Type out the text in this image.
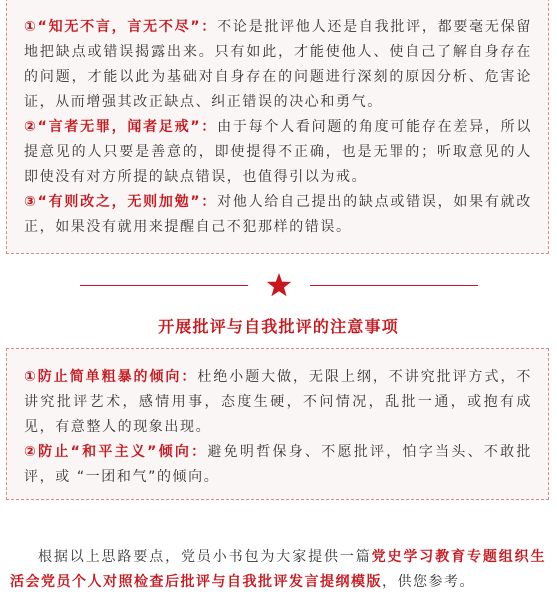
①“知无不言，言无不尽”：不论是批评他人还是自我批评，都要毫无保留地把缺点或错误揭露出来。只有如此，才能使他人、使自己了解自身存在的问题，才能以此为基础对自身存在的问题进行深刻的原因分析、危害论证，从而增强其改正缺点、纠正错误的决心和勇气。

②“言者无罪，闻者足戒”：由于每个人看问题的角度可能存在差异，所以提意见的人只要是善意的，即使提得不正确，也是无罪的；听取意见的人即使没有对方所提的缺点错误，也值得引以为戒。

③“有则改之，无则加勉”：对他人给自己提出的缺点或错误，如果有就改正，如果没有就用来提醒自己不犯那样的错误。

开展批评与自我批评的注意事项

①防止简单粗暴的倾向：杜绝小题大做，无限上纲，不讲究批评方式，不讲究批评艺术，感情用事，态度生硬，不问情况，乱批一通，或抱有成见，有意整人的现象出现。

②防止“和平主义”倾向：避免明哲保身、不愿批评，怕字当头、不敢批评，或 “一团和气”的倾向。

根据以上思路要点，党员小书包为大家提供一篇党史学习教育专题组织生活会党员个人对照检查后批评与自我批评发言提纲模版，供您参考。
